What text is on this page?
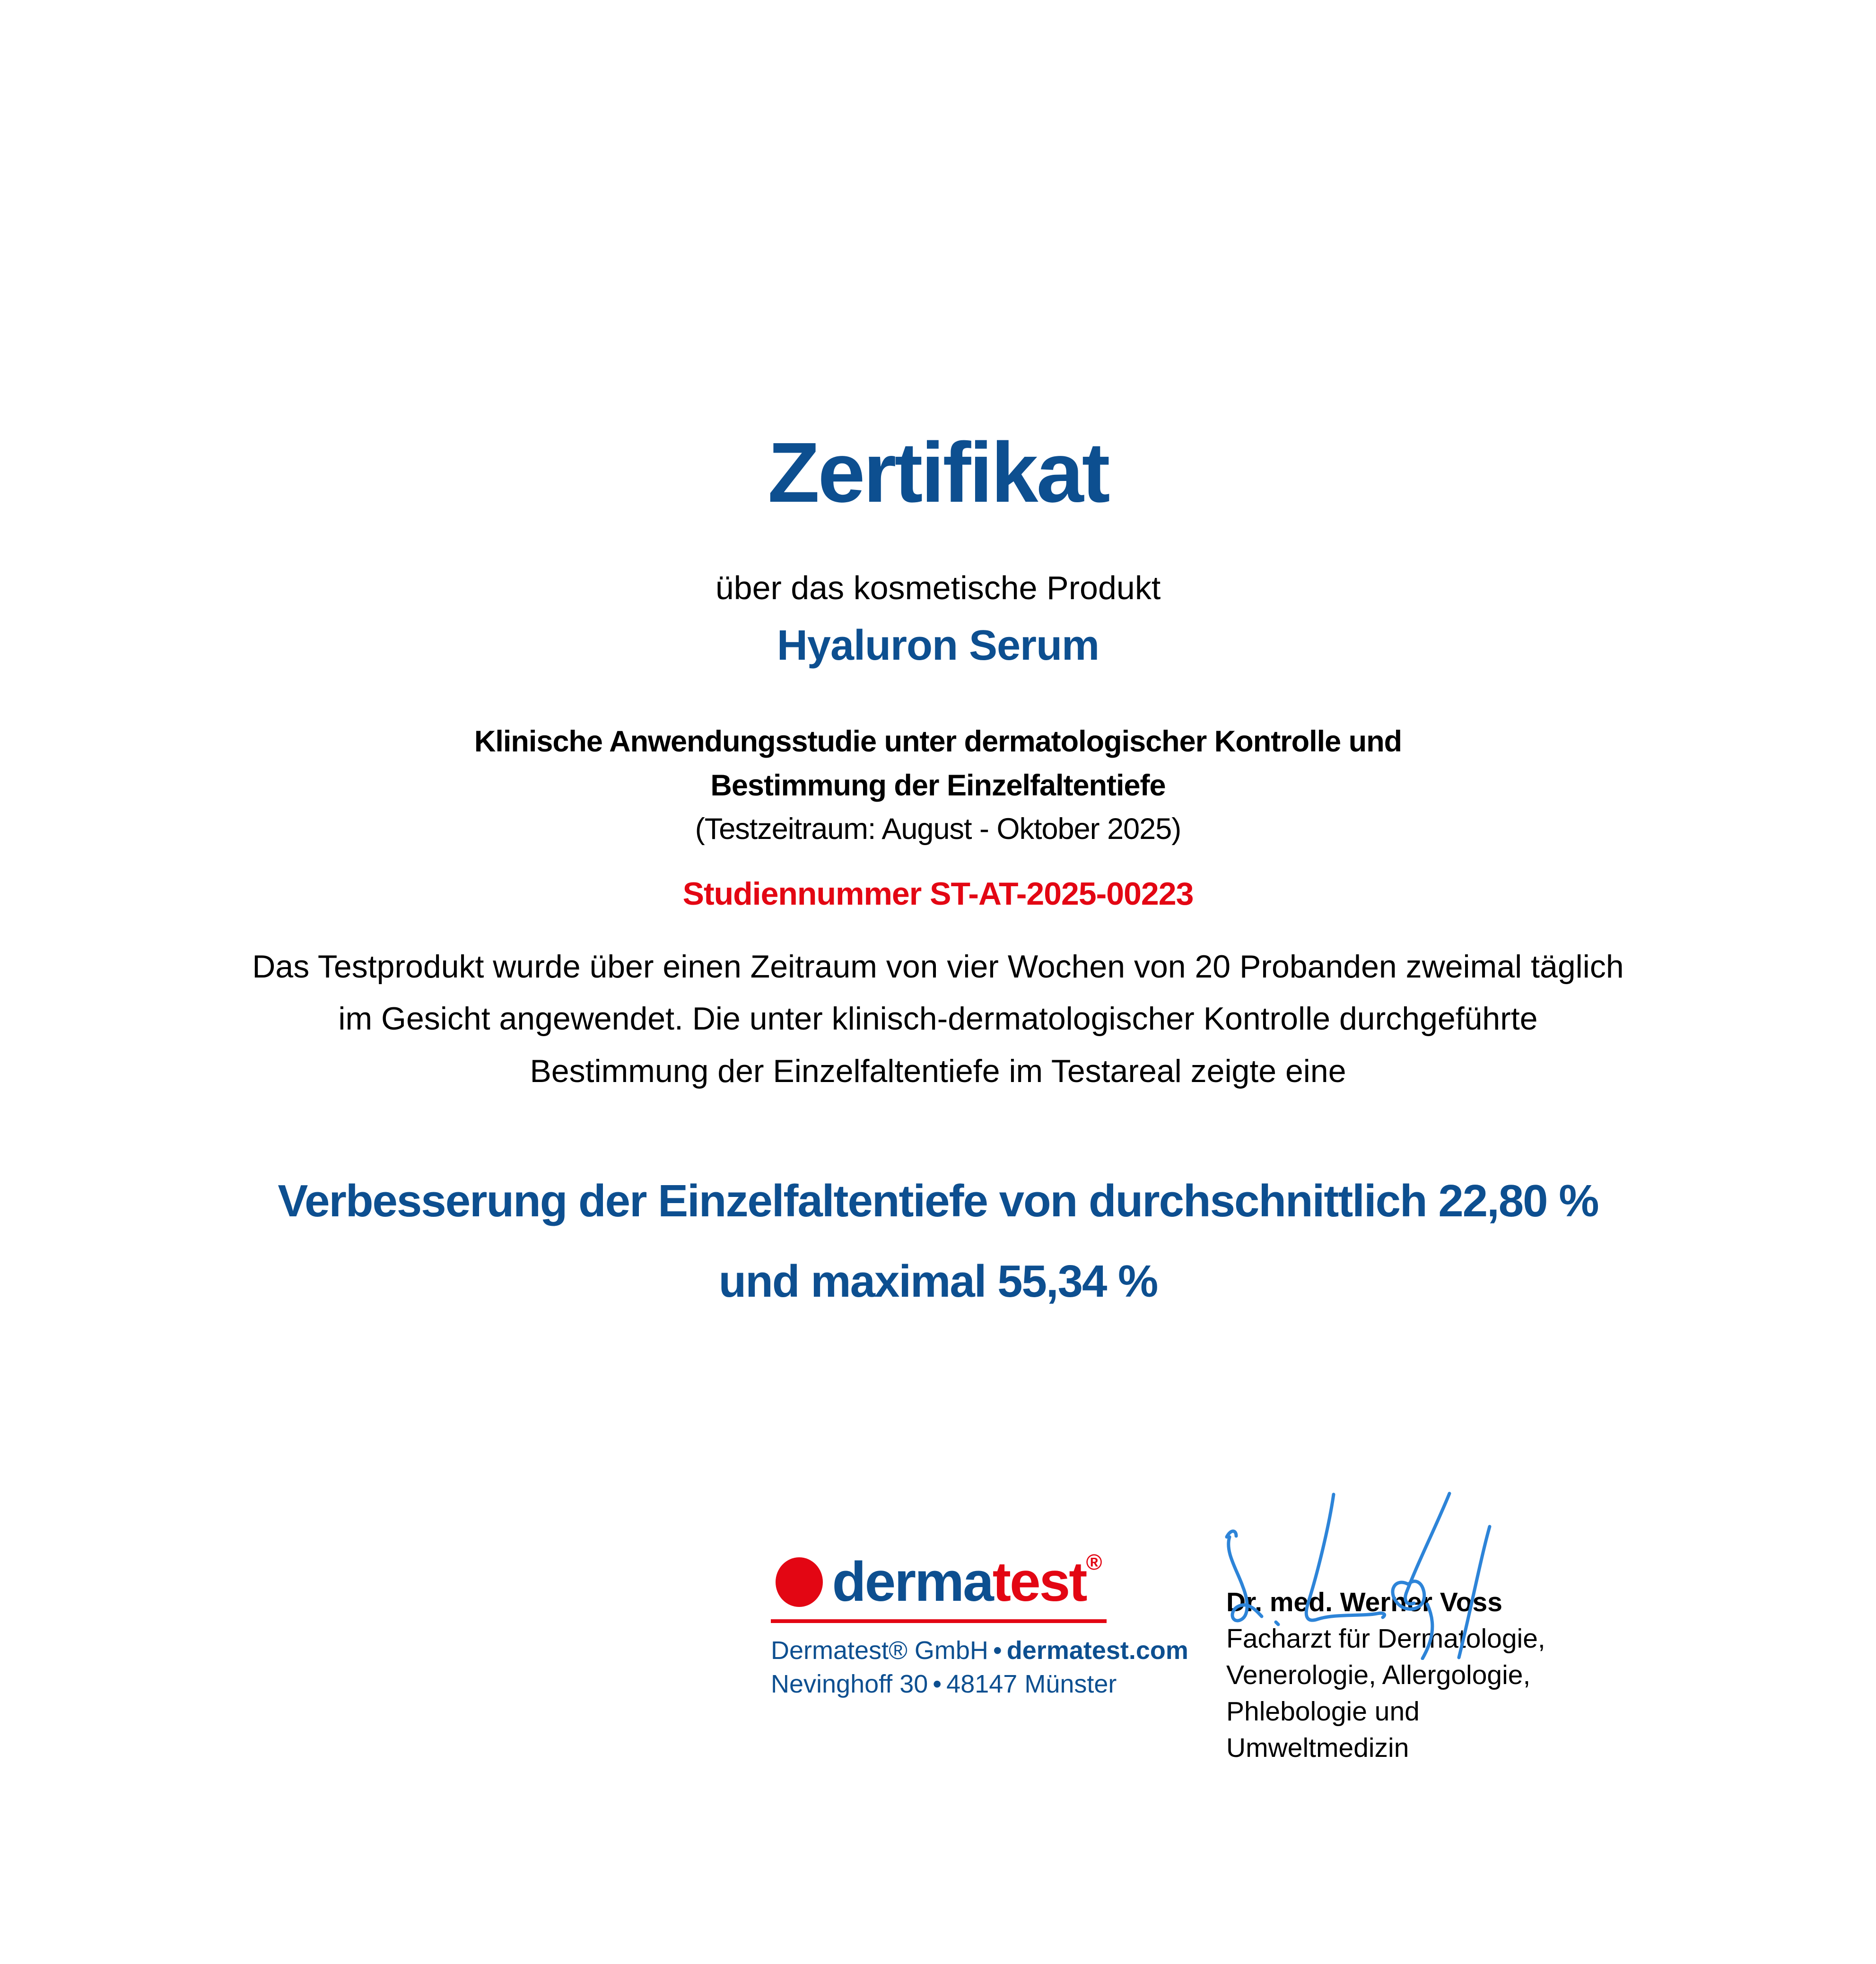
Zertifikat
über das kosmetische Produkt
Hyaluron Serum
Klinische Anwendungsstudie unter dermatologischer Kontrolle und
Bestimmung der Einzelfaltentiefe
(Testzeitraum: August - Oktober 2025)
Studiennummer ST-AT-2025-00223
Das Testprodukt wurde über einen Zeitraum von vier Wochen von 20 Probanden zweimal täglich
im Gesicht angewendet. Die unter klinisch-dermatologischer Kontrolle durchgeführte
Bestimmung der Einzelfaltentiefe im Testareal zeigte eine
Verbesserung der Einzelfaltentiefe von durchschnittlich 22,80 %
und maximal 55,34 %
dermatest®
Dermatest® GmbH • dermatest.com
Nevinghoff 30 • 48147 Münster
Dr. med. Werner Voss
Facharzt für Dermatologie,
Venerologie, Allergologie,
Phlebologie und Umweltmedizin
